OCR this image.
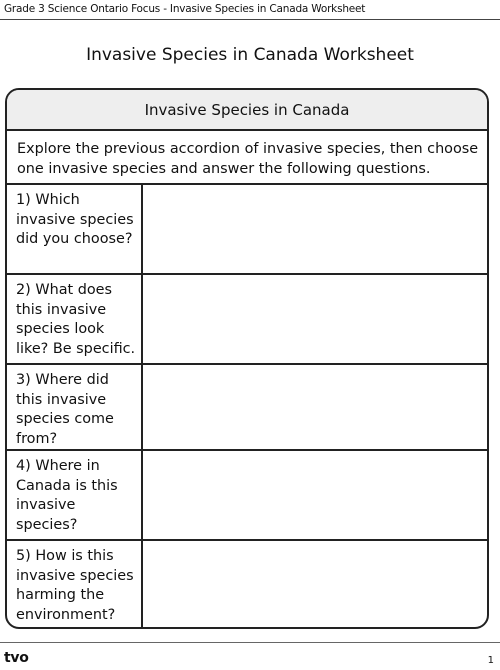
Grade 3 Science Ontario Focus - Invasive Species in Canada Worksheet
Invasive Species in Canada Worksheet
Invasive Species in Canada
Explore the previous accordion of invasive species, then choose one invasive species and answer the following questions.
1) Which invasive species did you choose?
2) What does this invasive species look like? Be specific.
3) Where did this invasive species come from?
4) Where in Canada is this invasive species?
5) How is this invasive species harming the environment?
tvo	1
